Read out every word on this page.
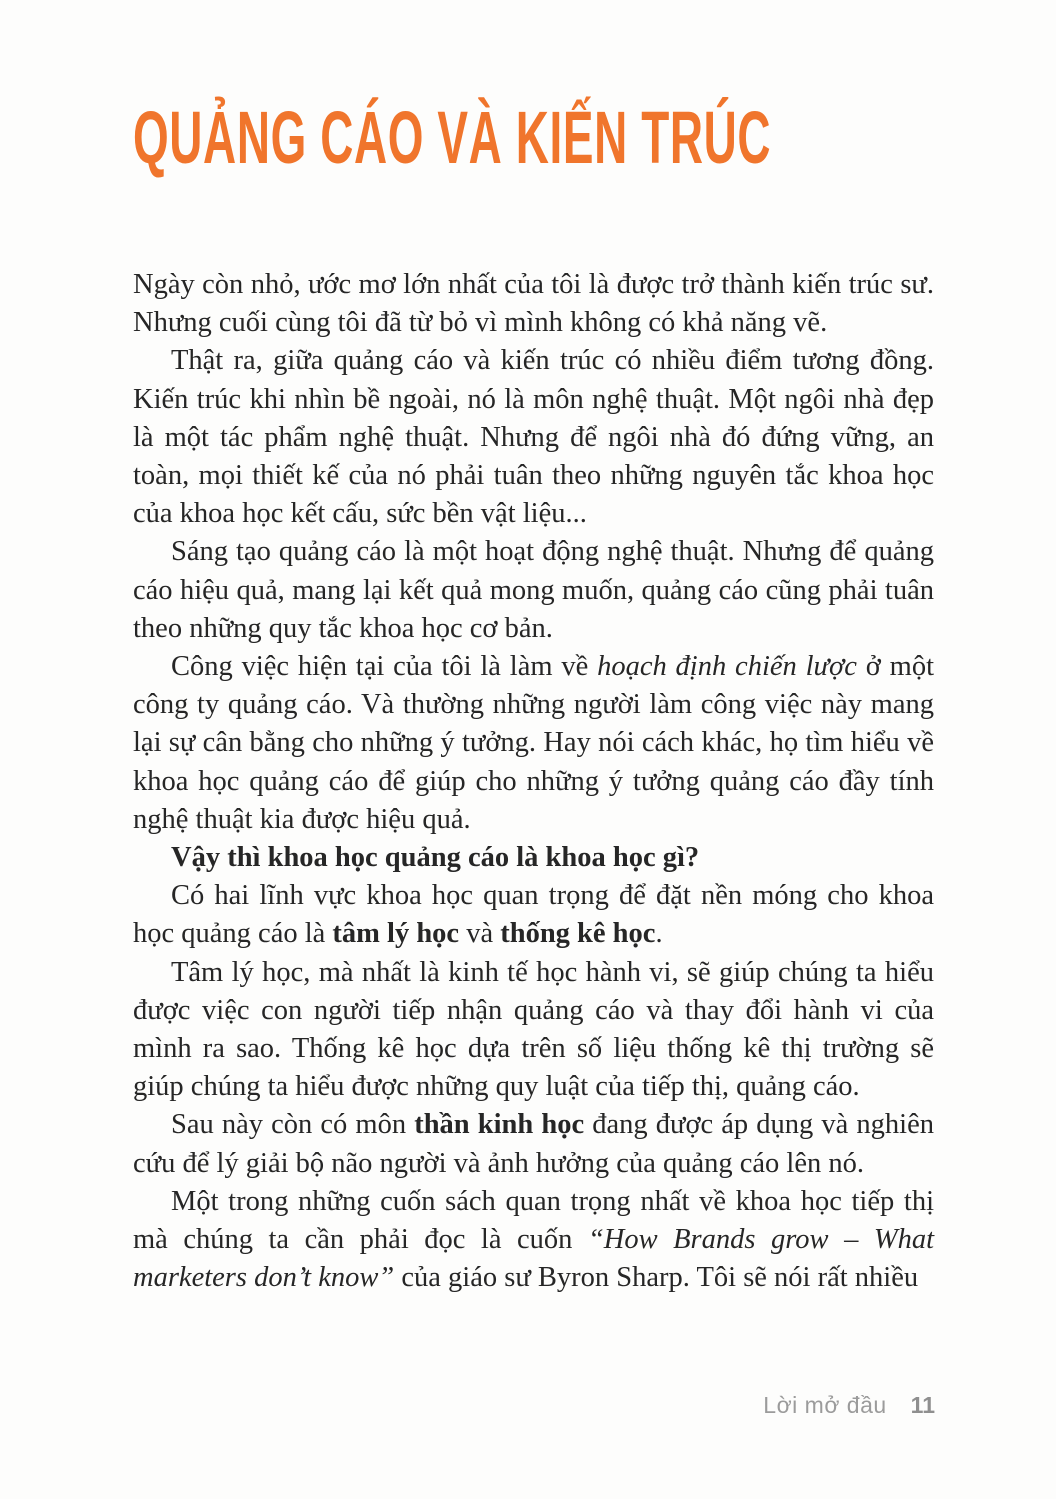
QUẢNG CÁO VÀ KIẾN TRÚC

Ngày còn nhỏ, ước mơ lớn nhất của tôi là được trở thành kiến trúc sư. Nhưng cuối cùng tôi đã từ bỏ vì mình không có khả năng vẽ.

Thật ra, giữa quảng cáo và kiến trúc có nhiều điểm tương đồng. Kiến trúc khi nhìn bề ngoài, nó là môn nghệ thuật. Một ngôi nhà đẹp là một tác phẩm nghệ thuật. Nhưng để ngôi nhà đó đứng vững, an toàn, mọi thiết kế của nó phải tuân theo những nguyên tắc khoa học của khoa học kết cấu, sức bền vật liệu...

Sáng tạo quảng cáo là một hoạt động nghệ thuật. Nhưng để quảng cáo hiệu quả, mang lại kết quả mong muốn, quảng cáo cũng phải tuân theo những quy tắc khoa học cơ bản.

Công việc hiện tại của tôi là làm về hoạch định chiến lược ở một công ty quảng cáo. Và thường những người làm công việc này mang lại sự cân bằng cho những ý tưởng. Hay nói cách khác, họ tìm hiểu về khoa học quảng cáo để giúp cho những ý tưởng quảng cáo đầy tính nghệ thuật kia được hiệu quả.

Vậy thì khoa học quảng cáo là khoa học gì?

Có hai lĩnh vực khoa học quan trọng để đặt nền móng cho khoa học quảng cáo là tâm lý học và thống kê học.

Tâm lý học, mà nhất là kinh tế học hành vi, sẽ giúp chúng ta hiểu được việc con người tiếp nhận quảng cáo và thay đổi hành vi của mình ra sao. Thống kê học dựa trên số liệu thống kê thị trường sẽ giúp chúng ta hiểu được những quy luật của tiếp thị, quảng cáo.

Sau này còn có môn thần kinh học đang được áp dụng và nghiên cứu để lý giải bộ não người và ảnh hưởng của quảng cáo lên nó.

Một trong những cuốn sách quan trọng nhất về khoa học tiếp thị mà chúng ta cần phải đọc là cuốn “How Brands grow – What marketers don’t know” của giáo sư Byron Sharp. Tôi sẽ nói rất nhiều

Lời mở đầu 11
